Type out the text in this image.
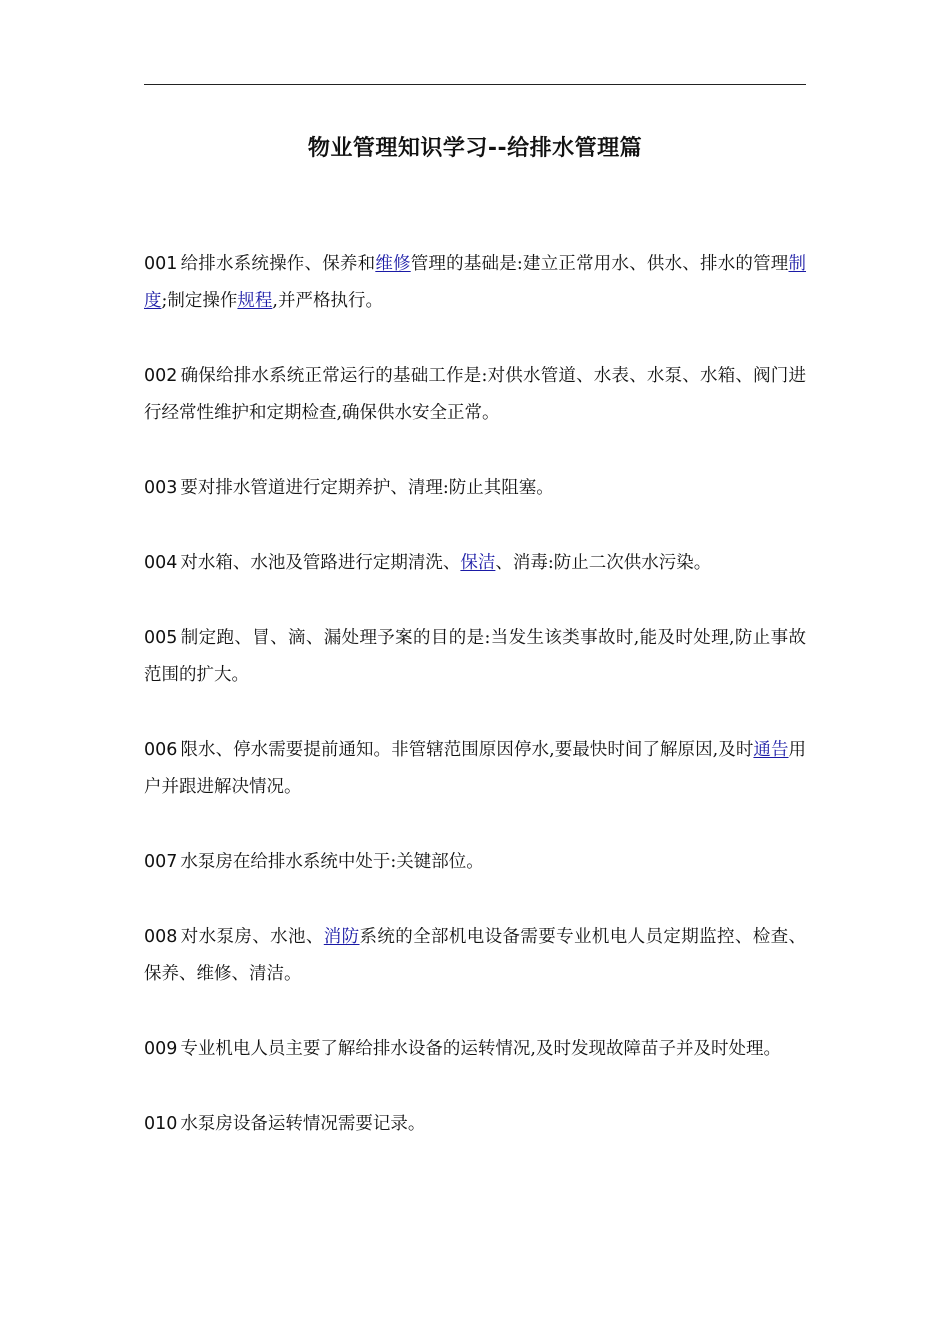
物业管理知识学习--给排水管理篇

001 给排水系统操作、保养和维修管理的基础是:建立正常用水、供水、排水的管理制度;制定操作规程,并严格执行。

002 确保给排水系统正常运行的基础工作是:对供水管道、水表、水泵、水箱、阀门进行经常性维护和定期检查,确保供水安全正常。

003 要对排水管道进行定期养护、清理:防止其阻塞。

004 对水箱、水池及管路进行定期清洗、保洁、消毒:防止二次供水污染。

005 制定跑、冒、滴、漏处理予案的目的是:当发生该类事故时,能及时处理,防止事故范围的扩大。

006 限水、停水需要提前通知。非管辖范围原因停水,要最快时间了解原因,及时通告用户并跟进解决情况。

007 水泵房在给排水系统中处于:关键部位。

008 对水泵房、水池、消防系统的全部机电设备需要专业机电人员定期监控、检查、保养、维修、清洁。

009 专业机电人员主要了解给排水设备的运转情况,及时发现故障苗子并及时处理。

010 水泵房设备运转情况需要记录。
